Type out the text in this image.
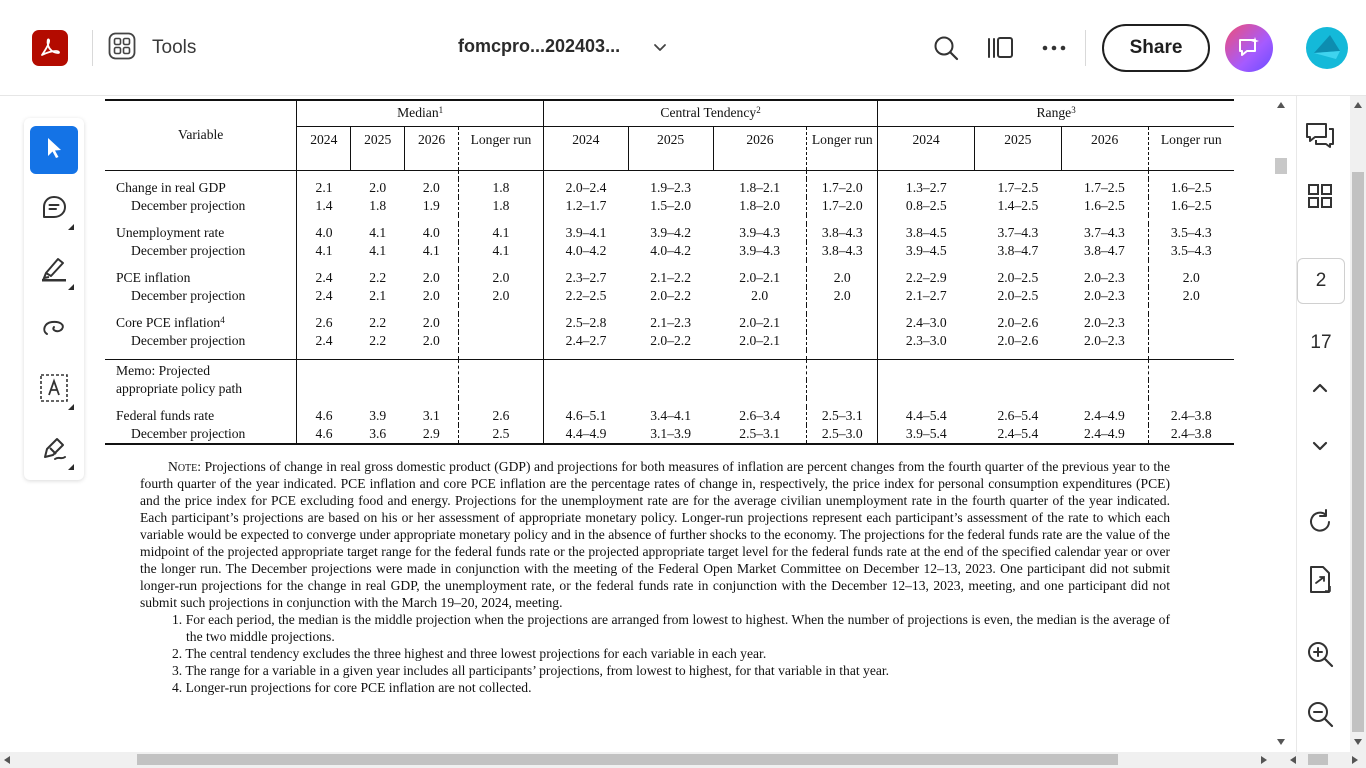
Tools	fomcpro...202403...	Share
Variable	Median$^1$				Central Tendency$^2$				Range$^3$
	2024	2025	2026	Longer run	2024	2025	2026	Longer run	2024	2025	2026	Longer run

Change in real GDP	2.1	2.0	2.0	1.8	2.0–2.4	1.9–2.3	1.8–2.1	1.7–2.0	1.3–2.7	1.7–2.5	1.7–2.5	1.6–2.5
December projection	1.4	1.8	1.9	1.8	1.2–1.7	1.5–2.0	1.8–2.0	1.7–2.0	0.8–2.5	1.4–2.5	1.6–2.5	1.6–2.5

Unemployment rate	4.0	4.1	4.0	4.1	3.9–4.1	3.9–4.2	3.9–4.3	3.8–4.3	3.8–4.5	3.7–4.3	3.7–4.3	3.5–4.3
December projection	4.1	4.1	4.1	4.1	4.0–4.2	4.0–4.2	3.9–4.3	3.8–4.3	3.9–4.5	3.8–4.7	3.8–4.7	3.5–4.3

PCE inflation	2.4	2.2	2.0	2.0	2.3–2.7	2.1–2.2	2.0–2.1	2.0	2.2–2.9	2.0–2.5	2.0–2.3	2.0
December projection	2.4	2.1	2.0	2.0	2.2–2.5	2.0–2.2	2.0	2.0	2.1–2.7	2.0–2.5	2.0–2.3	2.0

Core PCE inflation$^4$	2.6	2.2	2.0		2.5–2.8	2.1–2.3	2.0–2.1		2.4–3.0	2.0–2.6	2.0–2.3	
December projection	2.4	2.2	2.0		2.4–2.7	2.0–2.2	2.0–2.1		2.3–3.0	2.0–2.6	2.0–2.3	

Memo: Projected												
appropriate policy path												

Federal funds rate	4.6	3.9	3.1	2.6	4.6–5.1	3.4–4.1	2.6–3.4	2.5–3.1	4.4–5.4	2.6–5.4	2.4–4.9	2.4–3.8
December projection	4.6	3.6	2.9	2.5	4.4–4.9	3.1–3.9	2.5–3.1	2.5–3.0	3.9–5.4	2.4–5.4	2.4–4.9	2.4–3.8

Note: Projections of change in real gross domestic product (GDP) and projections for both measures of inflation are percent changes from the fourth quarter of the previous year to the fourth quarter of the year indicated. PCE inflation and core PCE inflation are the percentage rates of change in, respectively, the price index for personal consumption expenditures (PCE) and the price index for PCE excluding food and energy. Projections for the unemployment rate are for the average civilian unemployment rate in the fourth quarter of the year indicated. Each participant’s projections are based on his or her assessment of appropriate monetary policy. Longer-run projections represent each participant’s assessment of the rate to which each variable would be expected to converge under appropriate monetary policy and in the absence of further shocks to the economy. The projections for the federal funds rate are the value of the midpoint of the projected appropriate target range for the federal funds rate or the projected appropriate target level for the federal funds rate at the end of the specified calendar year or over the longer run. The December projections were made in conjunction with the meeting of the Federal Open Market Committee on December 12–13, 2023. One participant did not submit longer-run projections for the change in real GDP, the unemployment rate, or the federal funds rate in conjunction with the December 12–13, 2023, meeting, and one participant did not submit such projections in conjunction with the March 19–20, 2024, meeting.

1. For each period, the median is the middle projection when the projections are arranged from lowest to highest. When the number of projections is even, the median is the average of the two middle projections.

2. The central tendency excludes the three highest and three lowest projections for each variable in each year.

3. The range for a variable in a given year includes all participants’ projections, from lowest to highest, for that variable in that year.

4. Longer-run projections for core PCE inflation are not collected.

2
17
